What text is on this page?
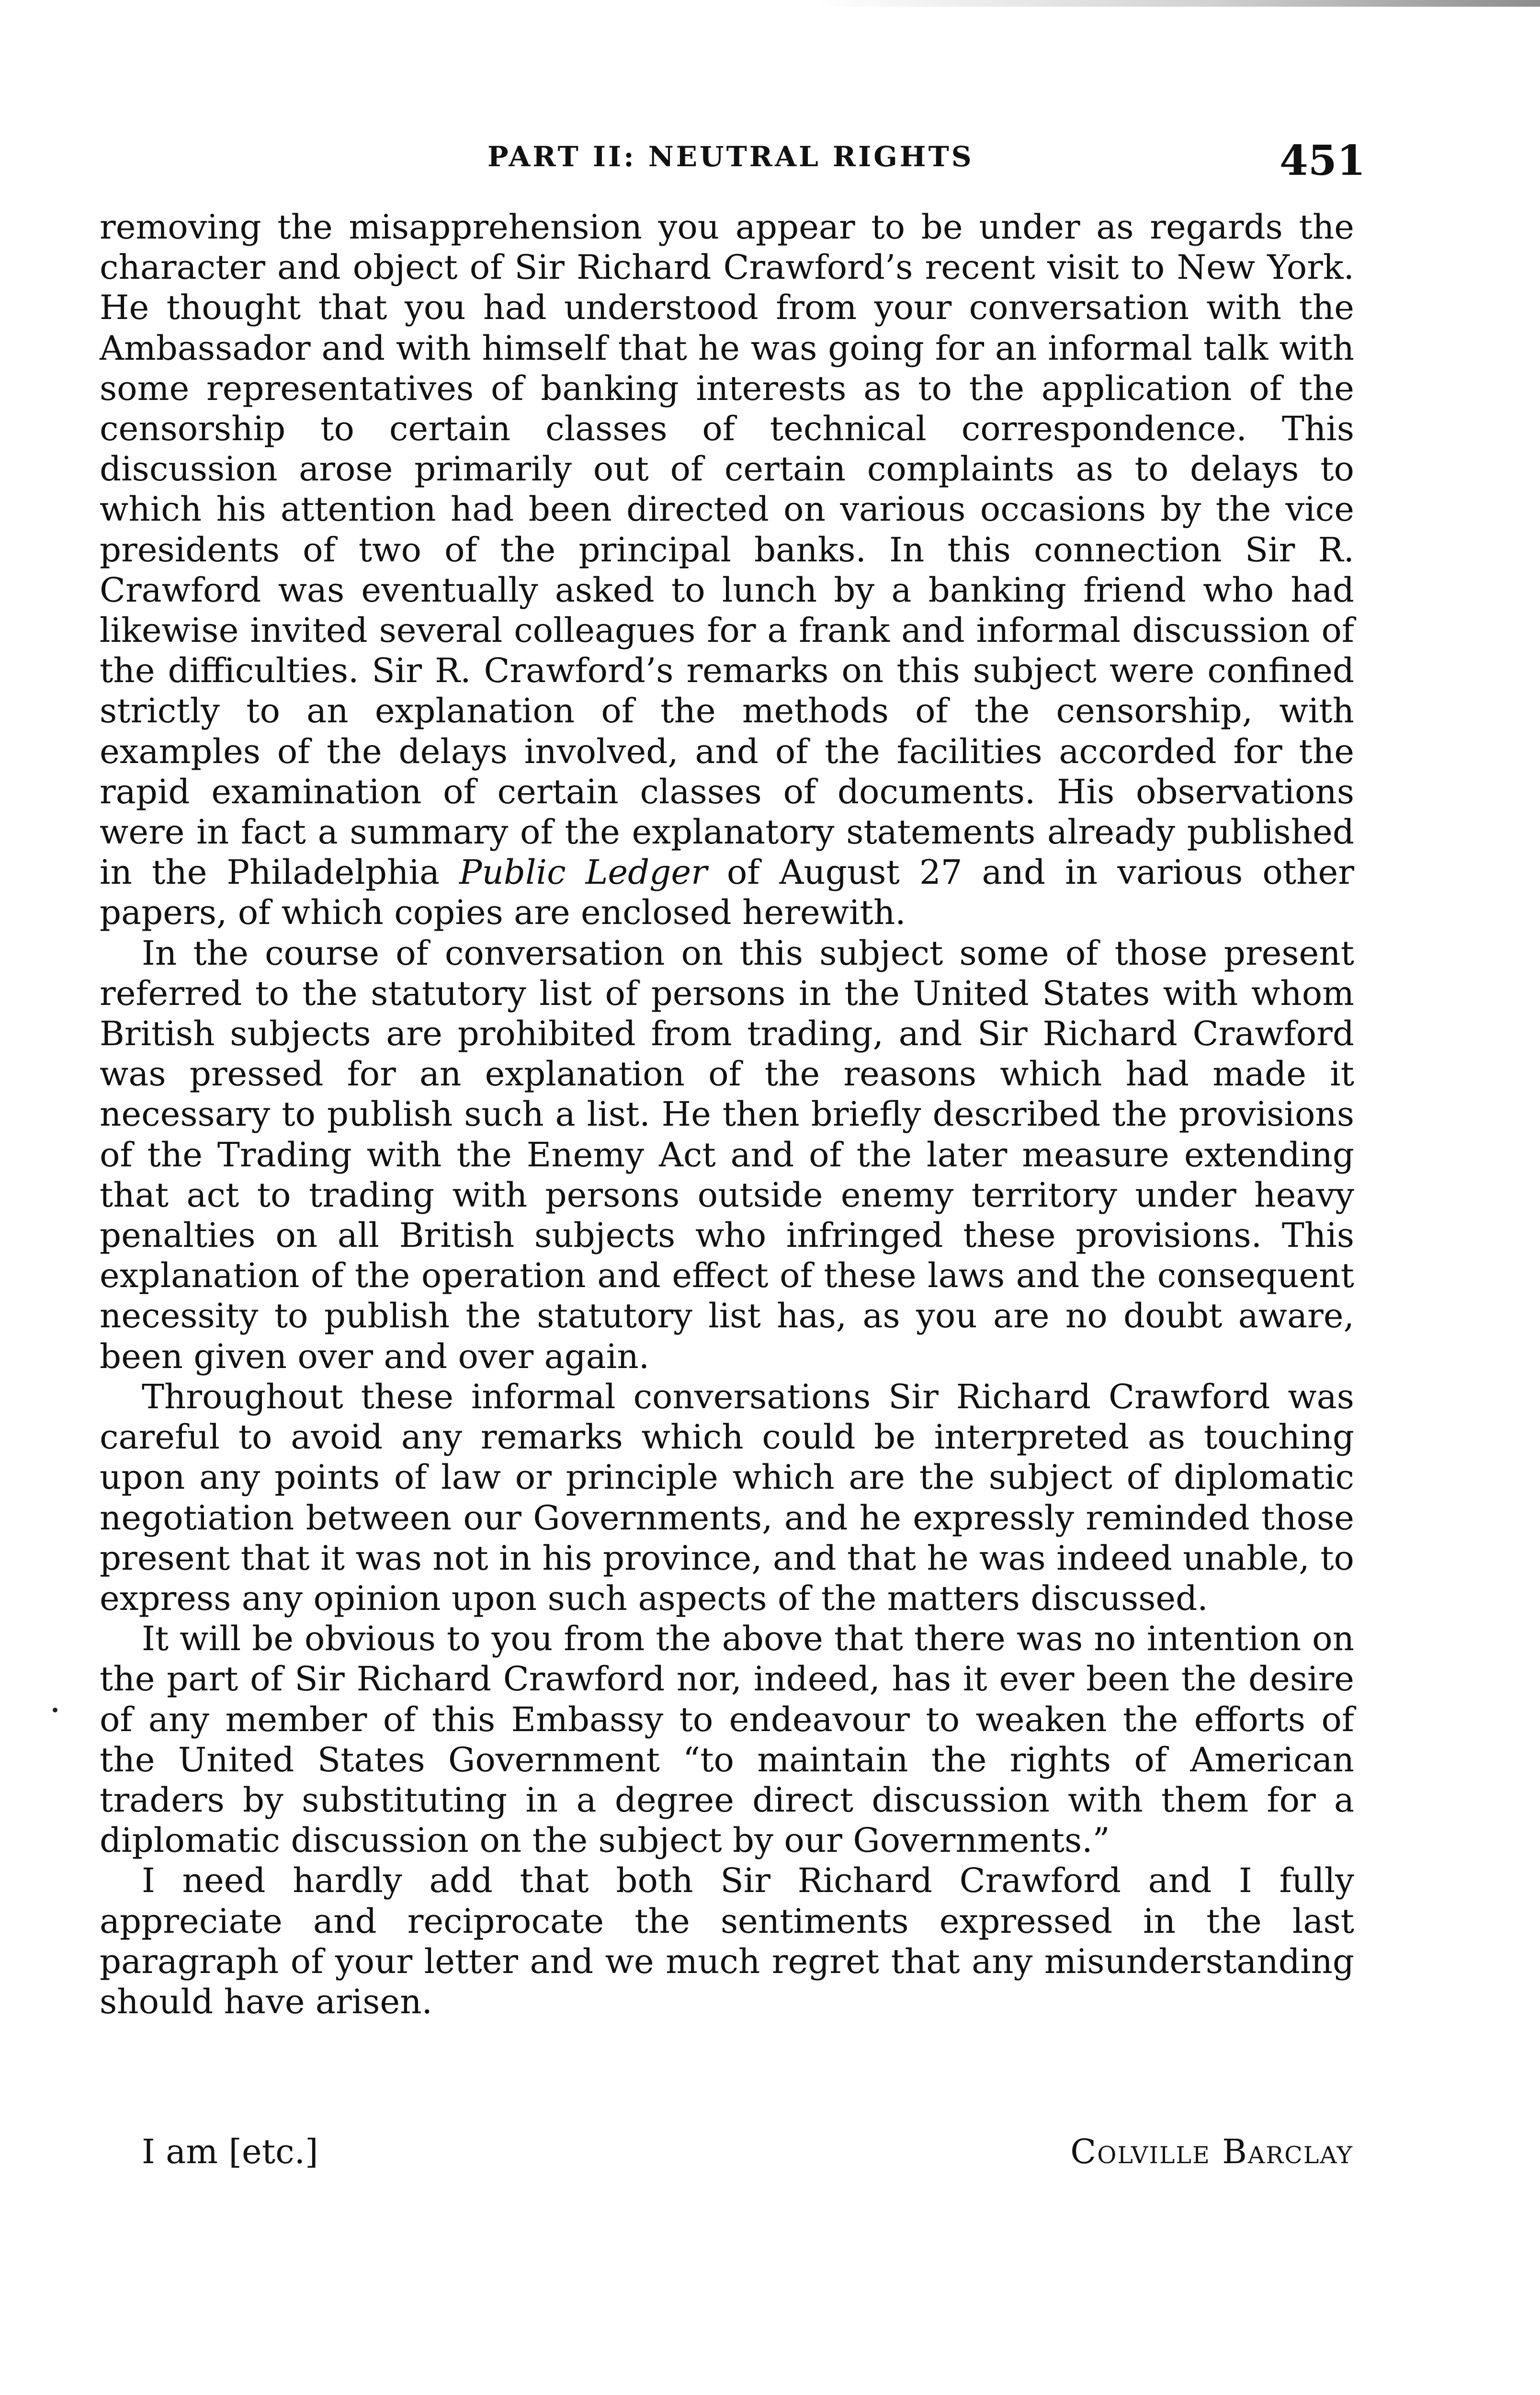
PART II: NEUTRAL RIGHTS	451

removing the misapprehension you appear to be under as regards the character and object of Sir Richard Crawford’s recent visit to New York. He thought that you had understood from your conversation with the Ambassador and with himself that he was going for an informal talk with some representatives of banking interests as to the application of the censorship to certain classes of technical correspondence. This discussion arose primarily out of certain complaints as to delays to which his attention had been directed on various occasions by the vice presidents of two of the principal banks. In this connection Sir R. Crawford was eventually asked to lunch by a banking friend who had likewise invited several colleagues for a frank and informal discussion of the difficulties. Sir R. Crawford’s remarks on this subject were confined strictly to an explanation of the methods of the censorship, with examples of the delays involved, and of the facilities accorded for the rapid examination of certain classes of documents. His observations were in fact a summary of the explanatory statements already published in the Philadelphia Public Ledger of August 27 and in various other papers, of which copies are enclosed herewith.

In the course of conversation on this subject some of those present referred to the statutory list of persons in the United States with whom British subjects are prohibited from trading, and Sir Richard Crawford was pressed for an explanation of the reasons which had made it necessary to publish such a list. He then briefly described the provisions of the Trading with the Enemy Act and of the later measure extending that act to trading with persons outside enemy territory under heavy penalties on all British subjects who infringed these provisions. This explanation of the operation and effect of these laws and the consequent necessity to publish the statutory list has, as you are no doubt aware, been given over and over again.

Throughout these informal conversations Sir Richard Crawford was careful to avoid any remarks which could be interpreted as touching upon any points of law or principle which are the subject of diplomatic negotiation between our Governments, and he expressly reminded those present that it was not in his province, and that he was indeed unable, to express any opinion upon such aspects of the matters discussed.

It will be obvious to you from the above that there was no intention on the part of Sir Richard Crawford nor, indeed, has it ever been the desire of any member of this Embassy to endeavour to weaken the efforts of the United States Government “to maintain the rights of American traders by substituting in a degree direct discussion with them for a diplomatic discussion on the subject by our Governments.”

I need hardly add that both Sir Richard Crawford and I fully appreciate and reciprocate the sentiments expressed in the last paragraph of your letter and we much regret that any misunderstanding should have arisen.

I am [etc.]	Colville Barclay
